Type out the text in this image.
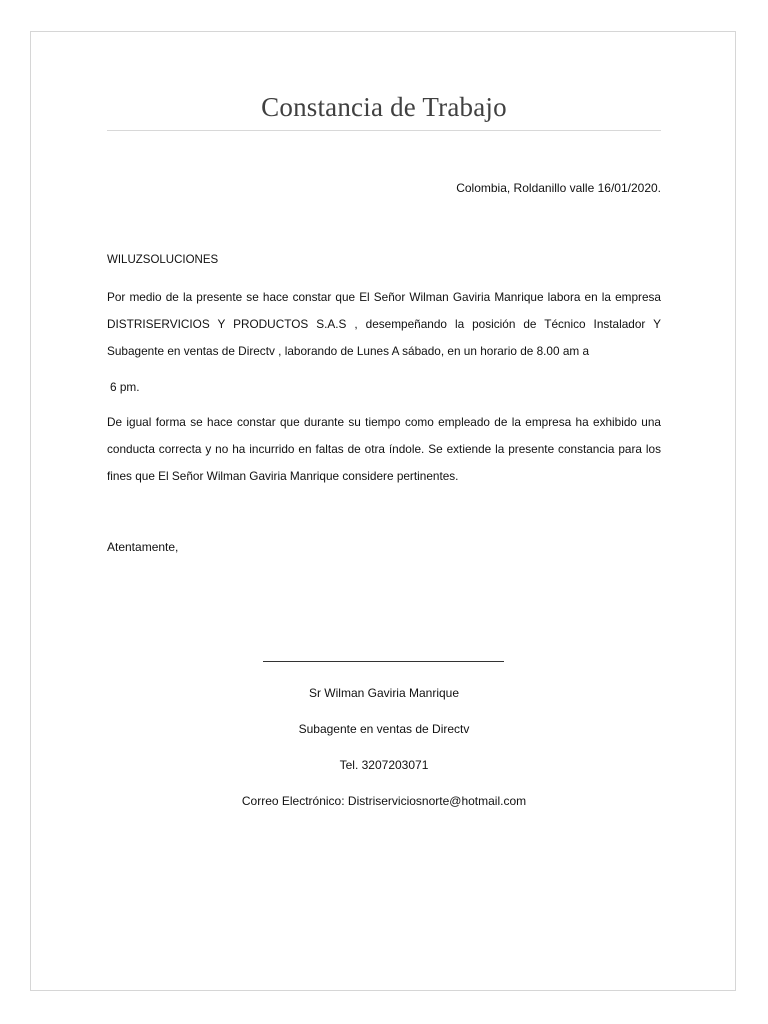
Constancia de Trabajo
Colombia, Roldanillo valle 16/01/2020.
WILUZSOLUCIONES
Por medio de la presente se hace constar que El Señor Wilman Gaviria Manrique labora en la empresa DISTRISERVICIOS Y PRODUCTOS S.A.S , desempeñando la posición de Técnico Instalador Y Subagente en ventas de Directv , laborando de Lunes A sábado, en un horario de 8.00 am a
6 pm.
De igual forma se hace constar que durante su tiempo como empleado de la empresa ha exhibido una conducta correcta y no ha incurrido en faltas de otra índole. Se extiende la presente constancia para los fines que El Señor Wilman Gaviria Manrique considere pertinentes.
Atentamente,
Sr Wilman Gaviria Manrique
Subagente en ventas de Directv
Tel. 3207203071
Correo Electrónico: Distriserviciosnorte@hotmail.com
